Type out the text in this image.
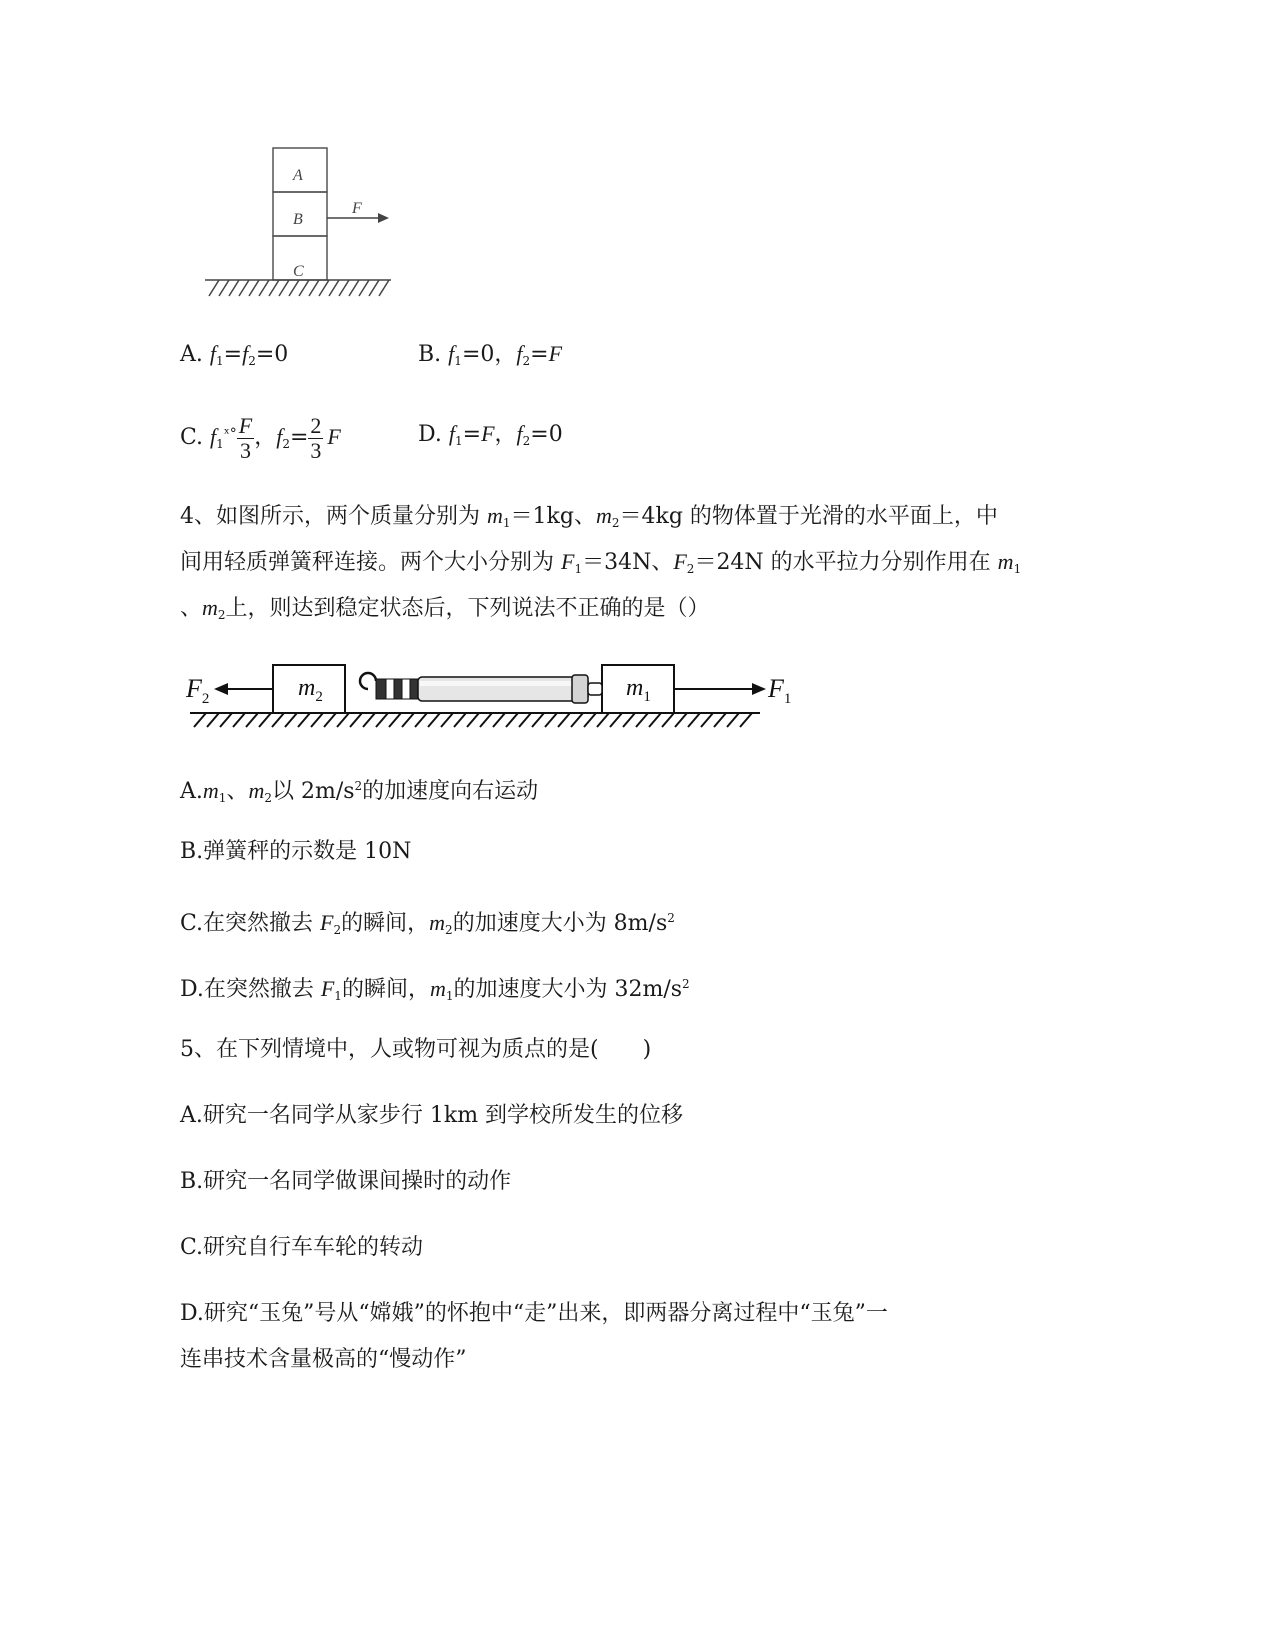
A
B
C
F
A. $f_1=f_2=0$	B. $f_1=0$，$f_2=F$
C. $f_1^{ˣ^\circ} \frac{F}{3}$ ，$f_2= \frac{2}{3}$ F	D. $f_1=F$，$f_2=0$
4、如图所示，两个质量分别为 $m_1=1kg$、$m_2=4kg$ 的物体置于光滑的水平面上，中
间用轻质弹簧秤连接。两个大小分别为 $F_1=34N$、$F_2=24N$ 的水平拉力分别作用在 $m_1$
、$m_2$上，则达到稳定状态后，下列说法不正确的是（）
$F_2$	$m_2$	$m_1$	$F_1$
$A.m_1$、$m_2$以 $2m/s^2$的加速度向右运动
B.弹簧秤的示数是 10N
C.在突然撤去 $F_2$的瞬间，$m_2$的加速度大小为 $8m/s^2$
D.在突然撤去 $F_1$的瞬间，$m_1$的加速度大小为 $32m/s^2$
5、在下列情境中，人或物可视为质点的是(　　)
A.研究一名同学从家步行 1km 到学校所发生的位移
B.研究一名同学做课间操时的动作
C.研究自行车车轮的转动
D.研究“玉兔”号从“嫦娥”的怀抱中“走”出来，即两器分离过程中“玉兔”一
连串技术含量极高的“慢动作”
